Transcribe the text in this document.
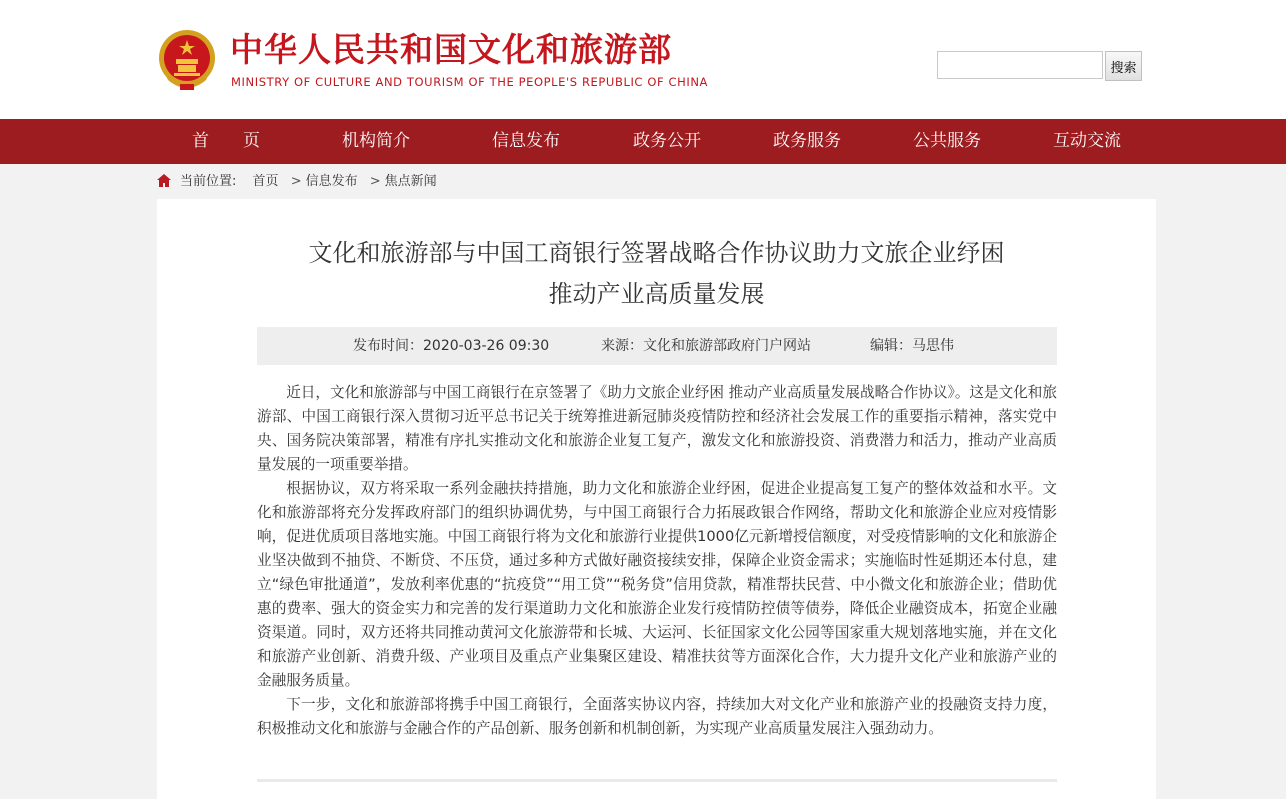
中华人民共和国文化和旅游部
MINISTRY OF CULTURE AND TOURISM OF THE PEOPLE'S REPUBLIC OF CHINA
搜索
首　　页	机构简介	信息发布	政务公开	政务服务	公共服务	互动交流
当前位置: 首页 > 信息发布 > 焦点新闻
文化和旅游部与中国工商银行签署战略合作协议助力文旅企业纾困
推动产业高质量发展
发布时间：2020-03-26 09:30	来源：文化和旅游部政府门户网站	编辑：马思伟

近日，文化和旅游部与中国工商银行在京签署了《助力文旅企业纾困 推动产业高质量发展战略合作协议》。这是文化和旅游部、中国工商银行深入贯彻习近平总书记关于统筹推进新冠肺炎疫情防控和经济社会发展工作的重要指示精神，落实党中央、国务院决策部署，精准有序扎实推动文化和旅游企业复工复产，激发文化和旅游投资、消费潜力和活力，推动产业高质量发展的一项重要举措。

根据协议，双方将采取一系列金融扶持措施，助力文化和旅游企业纾困，促进企业提高复工复产的整体效益和水平。文化和旅游部将充分发挥政府部门的组织协调优势，与中国工商银行合力拓展政银合作网络，帮助文化和旅游企业应对疫情影响，促进优质项目落地实施。中国工商银行将为文化和旅游行业提供1000亿元新增授信额度，对受疫情影响的文化和旅游企业坚决做到不抽贷、不断贷、不压贷，通过多种方式做好融资接续安排，保障企业资金需求；实施临时性延期还本付息，建立“绿色审批通道”，发放利率优惠的“抗疫贷”“用工贷”“税务贷”信用贷款，精准帮扶民营、中小微文化和旅游企业；借助优惠的费率、强大的资金实力和完善的发行渠道助力文化和旅游企业发行疫情防控债等债券，降低企业融资成本，拓宽企业融资渠道。同时，双方还将共同推动黄河文化旅游带和长城、大运河、长征国家文化公园等国家重大规划落地实施，并在文化和旅游产业创新、消费升级、产业项目及重点产业集聚区建设、精准扶贫等方面深化合作，大力提升文化产业和旅游产业的金融服务质量。

下一步，文化和旅游部将携手中国工商银行，全面落实协议内容，持续加大对文化产业和旅游产业的投融资支持力度，积极推动文化和旅游与金融合作的产品创新、服务创新和机制创新，为实现产业高质量发展注入强劲动力。
